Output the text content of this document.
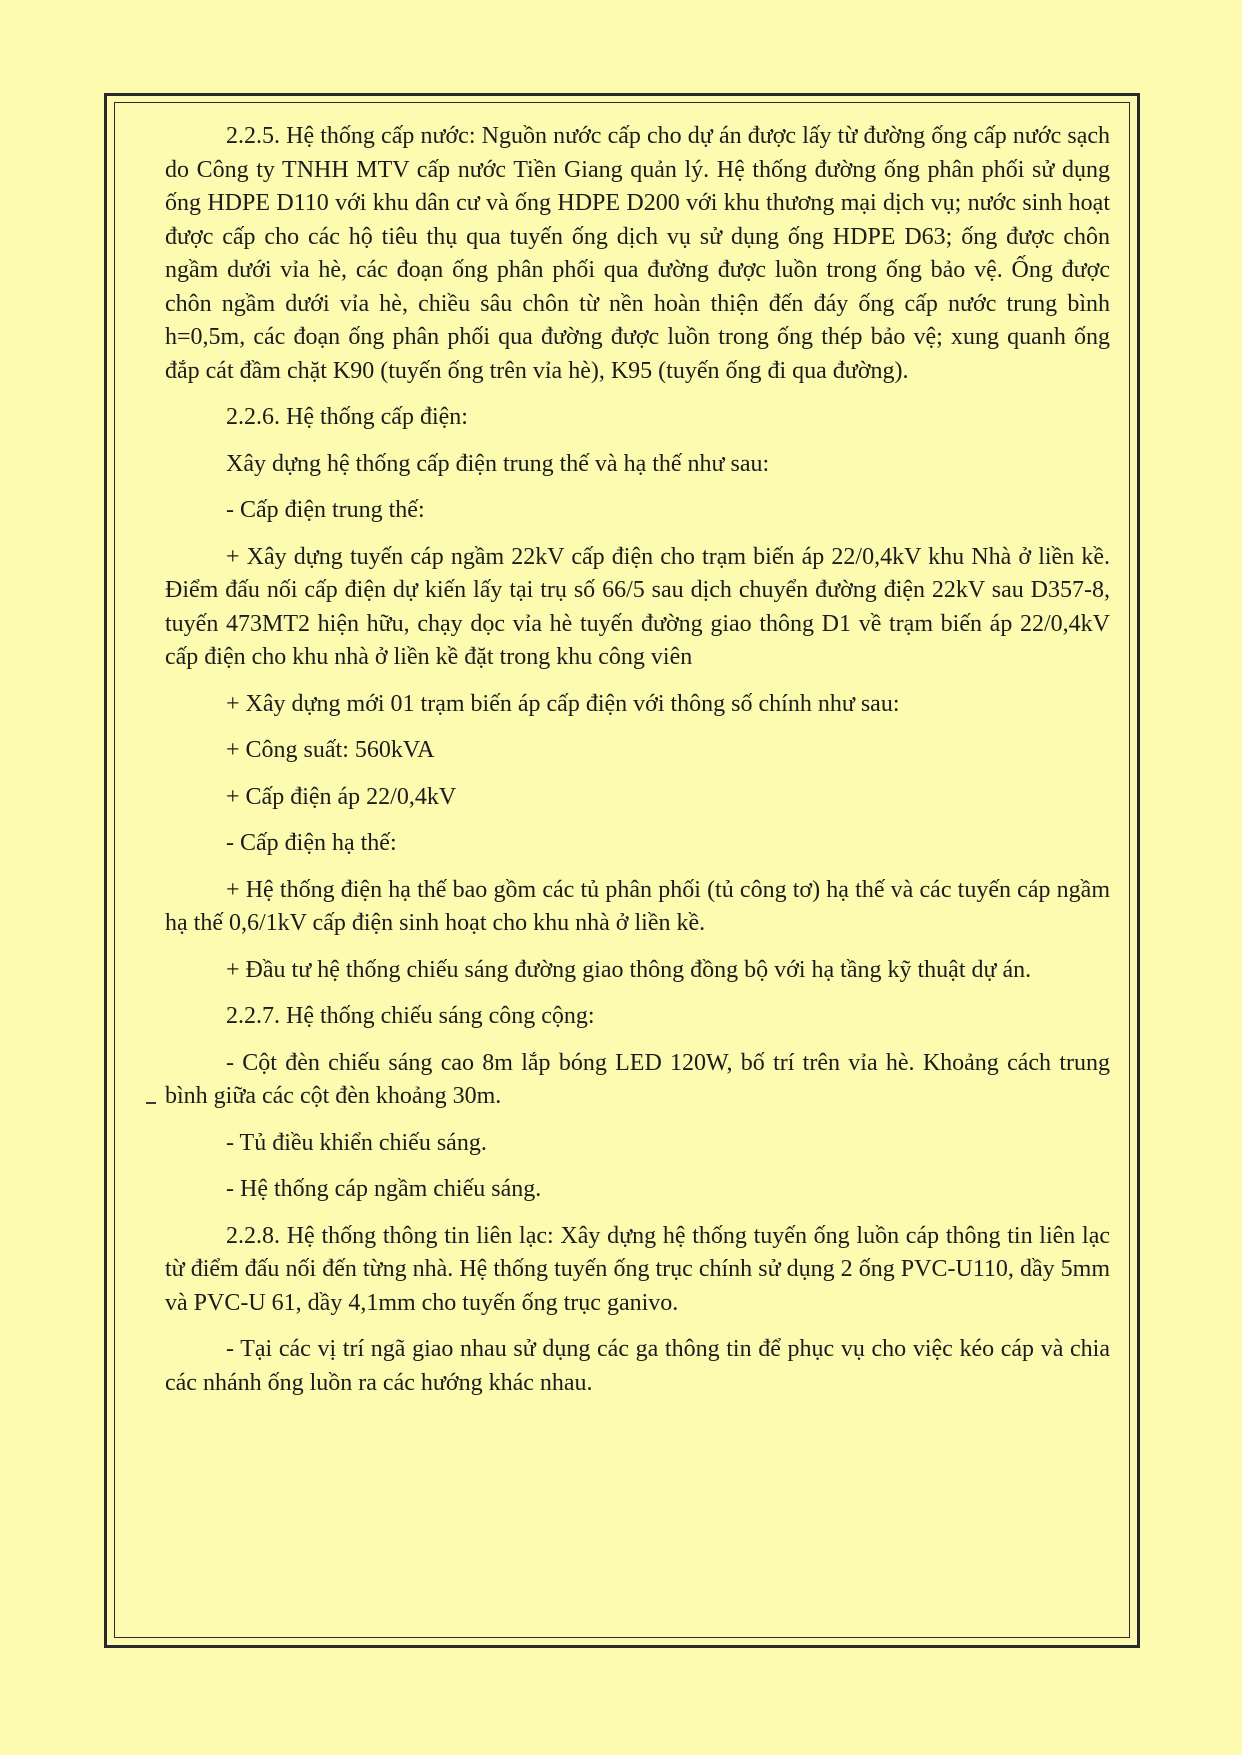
2.2.5. Hệ thống cấp nước: Nguồn nước cấp cho dự án được lấy từ đường ống cấp nước sạch do Công ty TNHH MTV cấp nước Tiền Giang quản lý. Hệ thống đường ống phân phối sử dụng ống HDPE D110 với khu dân cư và ống HDPE D200 với khu thương mại dịch vụ; nước sinh hoạt được cấp cho các hộ tiêu thụ qua tuyến ống dịch vụ sử dụng ống HDPE D63; ống được chôn ngầm dưới vỉa hè, các đoạn ống phân phối qua đường được luồn trong ống bảo vệ. Ống được chôn ngầm dưới vỉa hè, chiều sâu chôn từ nền hoàn thiện đến đáy ống cấp nước trung bình h=0,5m, các đoạn ống phân phối qua đường được luồn trong ống thép bảo vệ; xung quanh ống đắp cát đầm chặt K90 (tuyến ống trên vỉa hè), K95 (tuyến ống đi qua đường).

2.2.6. Hệ thống cấp điện:

Xây dựng hệ thống cấp điện trung thế và hạ thế như sau:

- Cấp điện trung thế:

+ Xây dựng tuyến cáp ngầm 22kV cấp điện cho trạm biến áp 22/0,4kV khu Nhà ở liền kề. Điểm đấu nối cấp điện dự kiến lấy tại trụ số 66/5 sau dịch chuyển đường điện 22kV sau D357-8, tuyến 473MT2 hiện hữu, chạy dọc vỉa hè tuyến đường giao thông D1 về trạm biến áp 22/0,4kV cấp điện cho khu nhà ở liền kề đặt trong khu công viên

+ Xây dựng mới 01 trạm biến áp cấp điện với thông số chính như sau:

+ Công suất: 560kVA

+ Cấp điện áp 22/0,4kV

- Cấp điện hạ thế:

+ Hệ thống điện hạ thế bao gồm các tủ phân phối (tủ công tơ) hạ thế và các tuyến cáp ngầm hạ thế 0,6/1kV cấp điện sinh hoạt cho khu nhà ở liền kề.

+ Đầu tư hệ thống chiếu sáng đường giao thông đồng bộ với hạ tầng kỹ thuật dự án.

2.2.7. Hệ thống chiếu sáng công cộng:

- Cột đèn chiếu sáng cao 8m lắp bóng LED 120W, bố trí trên vỉa hè. Khoảng cách trung bình giữa các cột đèn khoảng 30m.

- Tủ điều khiển chiếu sáng.

- Hệ thống cáp ngầm chiếu sáng.

2.2.8. Hệ thống thông tin liên lạc: Xây dựng hệ thống tuyến ống luồn cáp thông tin liên lạc từ điểm đấu nối đến từng nhà. Hệ thống tuyến ống trục chính sử dụng 2 ống PVC-U110, dầy 5mm và PVC-U 61, dầy 4,1mm cho tuyến ống trục ganivo.

- Tại các vị trí ngã giao nhau sử dụng các ga thông tin để phục vụ cho việc kéo cáp và chia các nhánh ống luồn ra các hướng khác nhau.
